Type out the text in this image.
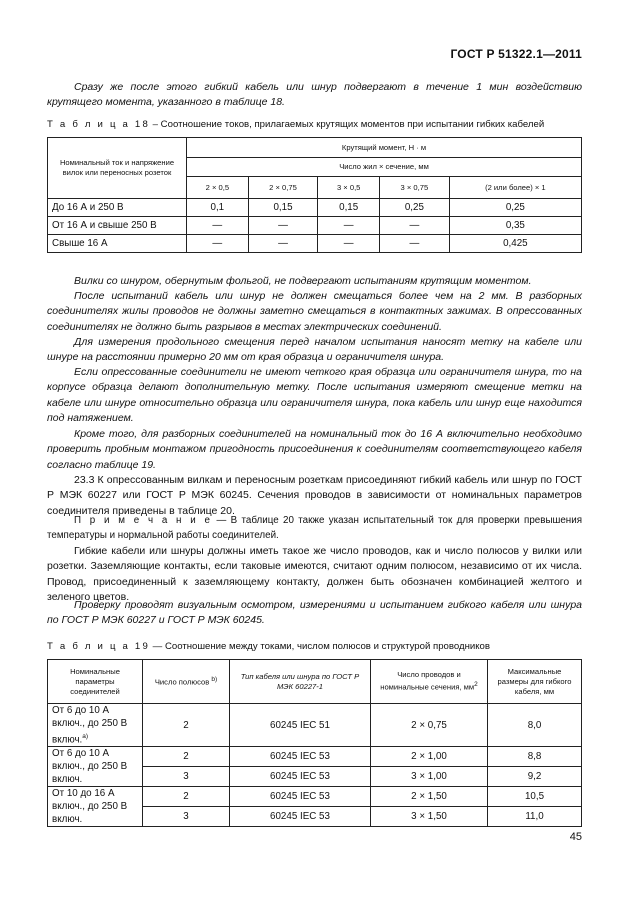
ГОСТ Р 51322.1—2011
Сразу же после этого гибкий кабель или шнур подвергают в течение 1 мин воздействию крутящего момента, указанного в таблице 18.
Т а б л и ц а 18 – Соотношение токов, прилагаемых крутящих моментов при испытании гибких кабелей
Номинальный ток и напряжение вилок или переносных розеток	Крутящий момент, Н · м				
	Число жил × сечение, мм				
	2 × 0,5	2 × 0,75	3 × 0,5	3 × 0,75	(2 или более) × 1
До 16 А и 250 В	0,1	0,15	0,15	0,25	0,25
От 16 А и свыше 250 В	—	—	—	—	0,35
Свыше 16 А	—	—	—	—	0,425
Вилки со шнуром, обернутым фольгой, не подвергают испытаниям крутящим моментом.
После испытаний кабель или шнур не должен смещаться более чем на 2 мм. В разборных соединителях жилы проводов не должны заметно смещаться в контактных зажимах. В опрессованных соединителях не должно быть разрывов в местах электрических соединений.
Для измерения продольного смещения перед началом испытания наносят метку на кабеле или шнуре на расстоянии примерно 20 мм от края образца и ограничителя шнура.
Если опрессованные соединители не имеют четкого края образца или ограничителя шнура, то на корпусе образца делают дополнительную метку. После испытания измеряют смещение метки на кабеле или шнуре относительно образца или ограничителя шнура, пока кабель или шнур еще находится под натяжением.
Кроме того, для разборных соединителей на номинальный ток до 16 А включительно необходимо проверить пробным монтажом пригодность присоединения к соединителям соответствующего кабеля согласно таблице 19.
23.3 К опрессованным вилкам и переносным розеткам присоединяют гибкий кабель или шнур по ГОСТ Р МЭК 60227 или ГОСТ Р МЭК 60245. Сечения проводов в зависимости от номинальных параметров соединителя приведены в таблице 20.
П р и м е ч а н и е — В таблице 20 также указан испытательный ток для проверки превышения температуры и нормальной работы соединителей.
Гибкие кабели или шнуры должны иметь такое же число проводов, как и число полюсов у вилки или розетки. Заземляющие контакты, если таковые имеются, считают одним полюсом, независимо от их числа. Провод, присоединенный к заземляющему контакту, должен быть обозначен комбинацией желтого и зеленого цветов.
Проверку проводят визуальным осмотром, измерениями и испытанием гибкого кабеля или шнура по ГОСТ Р МЭК 60227 и ГОСТ Р МЭК 60245.
Т а б л и ц а 19 — Соотношение между токами, числом полюсов и структурой проводников
Номинальные параметры соединителей	Число полюсов $^{b)}$	Тип кабеля или шнура по ГОСТ Р МЭК 60227-1	Число проводов и номинальные сечения, $мм^2$	Максимальные размеры для гибкого кабеля, мм
От 6 до 10 А включ., до 250 В включ.$^{a)}$	2	60245 IEC 51	2 × 0,75	8,0
От 6 до 10 А включ., до 250 В включ.	2	60245 IEC 53	2 × 1,00	8,8
	3	60245 IEC 53	3 × 1,00	9,2
От 10 до 16 А включ., до 250 В включ.	2	60245 IEC 53	2 × 1,50	10,5
	3	60245 IEC 53	3 × 1,50	11,0
45
